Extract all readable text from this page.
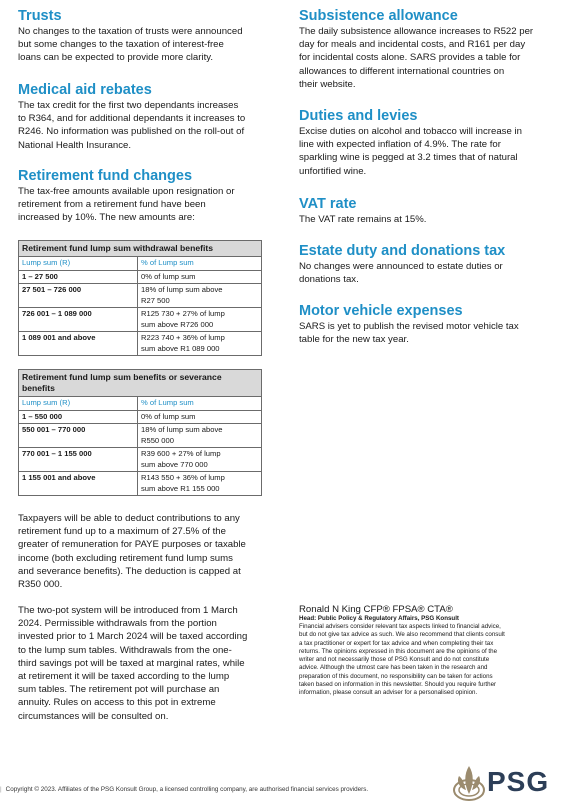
Trusts

No changes to the taxation of trusts were announced
but some changes to the taxation of interest-free
loans can be expected to provide more clarity.

Medical aid rebates

The tax credit for the first two dependants increases
to R364, and for additional dependants it increases to
R246. No information was published on the roll-out of
National Health Insurance.

Retirement fund changes

The tax-free amounts available upon resignation or
retirement from a retirement fund have been
increased by 10%. The new amounts are:

Retirement fund lump sum withdrawal benefits	
Lump sum (R)	% of Lump sum
1 – 27 500	0% of lump sum
27 501 – 726 000	18% of lump sum above
R27 500
726 001 – 1 089 000	R125 730 + 27% of lump
sum above R726 000
1 089 001 and above	R223 740 + 36% of lump
sum above R1 089 000
Retirement fund lump sum benefits or severance
benefits	
Lump sum (R)	% of Lump sum
1 – 550 000	0% of lump sum
550 001 – 770 000	18% of lump sum above
R550 000
770 001 – 1 155 000	R39 600 + 27% of lump
sum above 770 000
1 155 001 and above	R143 550 + 36% of lump
sum above R1 155 000

Taxpayers will be able to deduct contributions to any
retirement fund up to a maximum of 27.5% of the
greater of remuneration for PAYE purposes or taxable
income (both excluding retirement fund lump sums
and severance benefits). The deduction is capped at
R350 000.

The two-pot system will be introduced from 1 March
2024. Permissible withdrawals from the portion
invested prior to 1 March 2024 will be taxed according
to the lump sum tables. Withdrawals from the one-
third savings pot will be taxed at marginal rates, while
at retirement it will be taxed according to the lump
sum tables. The retirement pot will purchase an
annuity. Rules on access to this pot in extreme
circumstances will be consulted on.

Subsistence allowance

The daily subsistence allowance increases to R522 per
day for meals and incidental costs, and R161 per day
for incidental costs alone. SARS provides a table for
allowances to different international countries on
their website.

Duties and levies

Excise duties on alcohol and tobacco will increase in
line with expected inflation of 4.9%. The rate for
sparkling wine is pegged at 3.2 times that of natural
unfortified wine.

VAT rate

The VAT rate remains at 15%.

Estate duty and donations tax

No changes were announced to estate duties or
donations tax.

Motor vehicle expenses

SARS is yet to publish the revised motor vehicle tax
table for the new tax year.

Ronald N King CFP® FPSA® CTA®
Head: Public Policy & Regulatory Affairs, PSG Konsult
Financial advisers consider relevant tax aspects linked to financial advice,
but do not give tax advice as such. We also recommend that clients consult
a tax practitioner or expert for tax advice and when completing their tax
returns. The opinions expressed in this document are the opinions of the
writer and not necessarily those of PSG Konsult and do not constitute
advice. Although the utmost care has been taken in the research and
preparation of this document, no responsibility can be taken for actions
taken based on information in this newsletter. Should you require further
information, please consult an adviser for a personalised opinion.
| Copyright © 2023. Affiliates of the PSG Konsult Group, a licensed controlling company, are authorised financial services providers.	PSG
